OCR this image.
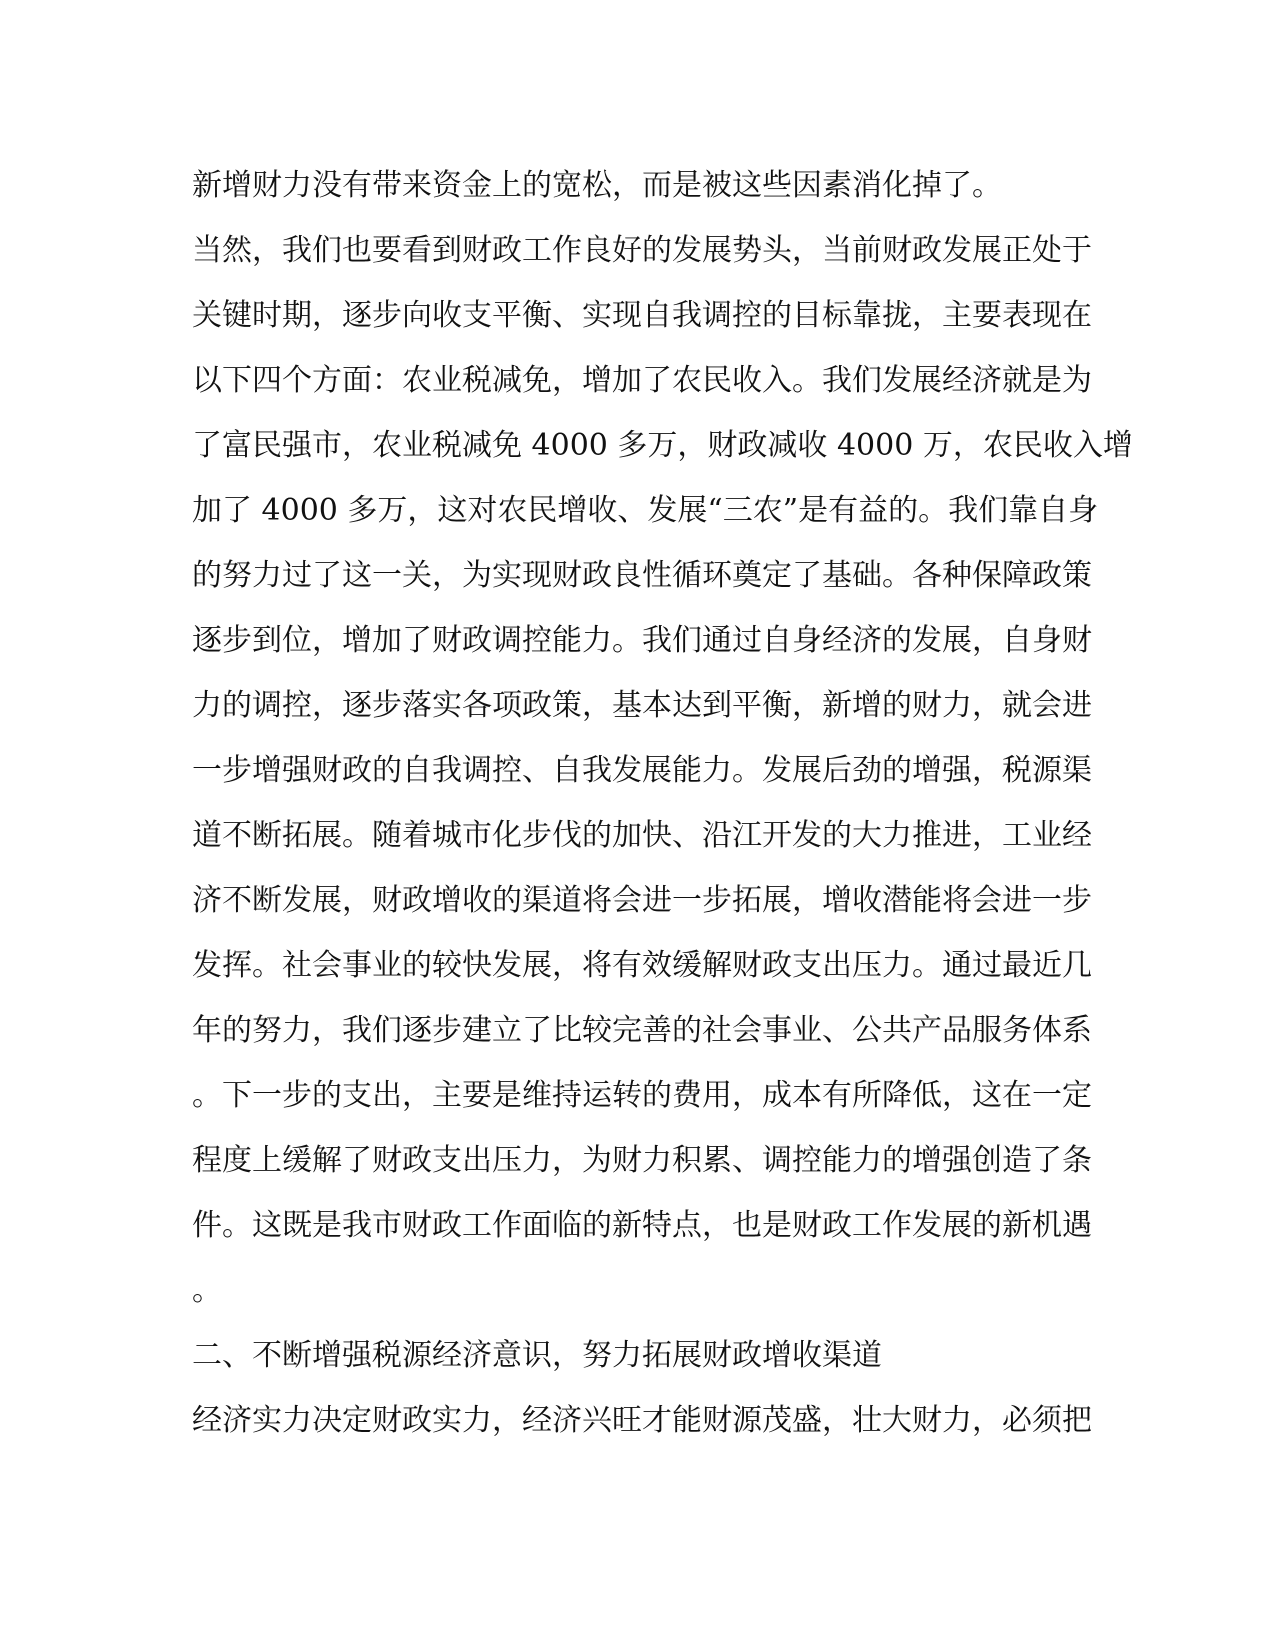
新增财力没有带来资金上的宽松，而是被这些因素消化掉了。
当然，我们也要看到财政工作良好的发展势头，当前财政发展正处于
关键时期，逐步向收支平衡、实现自我调控的目标靠拢，主要表现在
以下四个方面：农业税减免，增加了农民收入。我们发展经济就是为
了富民强市，农业税减免 4000 多万，财政减收 4000 万，农民收入增
加了 4000 多万，这对农民增收、发展“三农”是有益的。我们靠自身
的努力过了这一关，为实现财政良性循环奠定了基础。各种保障政策
逐步到位，增加了财政调控能力。我们通过自身经济的发展，自身财
力的调控，逐步落实各项政策，基本达到平衡，新增的财力，就会进
一步增强财政的自我调控、自我发展能力。发展后劲的增强，税源渠
道不断拓展。随着城市化步伐的加快、沿江开发的大力推进，工业经
济不断发展，财政增收的渠道将会进一步拓展，增收潜能将会进一步
发挥。社会事业的较快发展，将有效缓解财政支出压力。通过最近几
年的努力，我们逐步建立了比较完善的社会事业、公共产品服务体系
。下一步的支出，主要是维持运转的费用，成本有所降低，这在一定
程度上缓解了财政支出压力，为财力积累、调控能力的增强创造了条
件。这既是我市财政工作面临的新特点，也是财政工作发展的新机遇
。
二、不断增强税源经济意识，努力拓展财政增收渠道
经济实力决定财政实力，经济兴旺才能财源茂盛，壮大财力，必须把
